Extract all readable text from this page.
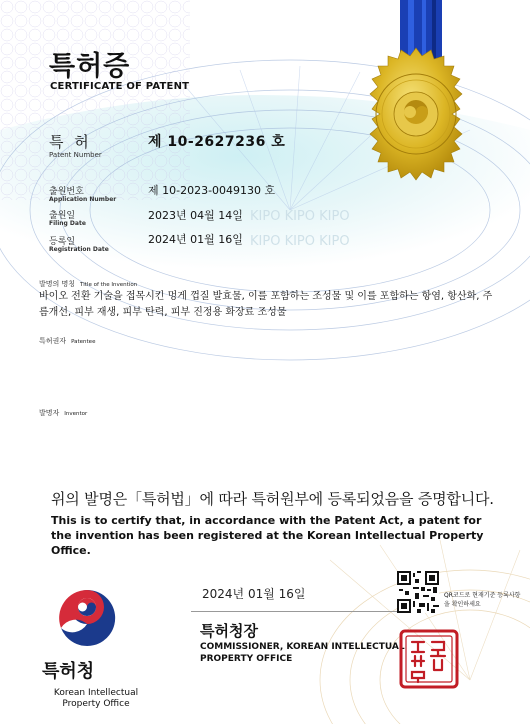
KIPO KIPO KIPO
KIPO KIPO KIPO
특허증
CERTIFICATE OF PATENT
특 허
Patent Number
제 10-2627236 호
출원번호
Application Number
제 10-2023-0049130 호
출원일
Filing Date
2023년 04월 14일
등록일
Registration Date
2024년 01월 16일
발명의 명칭 Title of the Invention
바이오 전환 기술을 접목시킨 멍게 껍질 발효물, 이를 포함하는 조성물 및 이를 포함하는 항염, 항산화, 주름개선, 피부 재생, 피부 탄력, 피부 진정용 화장료 조성물
특허권자 Patentee
발명자 Inventor
위의 발명은「특허법」에 따라 특허원부에 등록되었음을 증명합니다.
This is to certify that, in accordance with the Patent Act, a patent for the invention has been registered at the Korean Intellectual Property Office.
2024년 01월 16일
특허청장
COMMISSIONER, KOREAN INTELLECTUAL PROPERTY OFFICE
QR코드로 현재기준 등록사항을 확인하세요
특허청
Korean Intellectual Property Office
